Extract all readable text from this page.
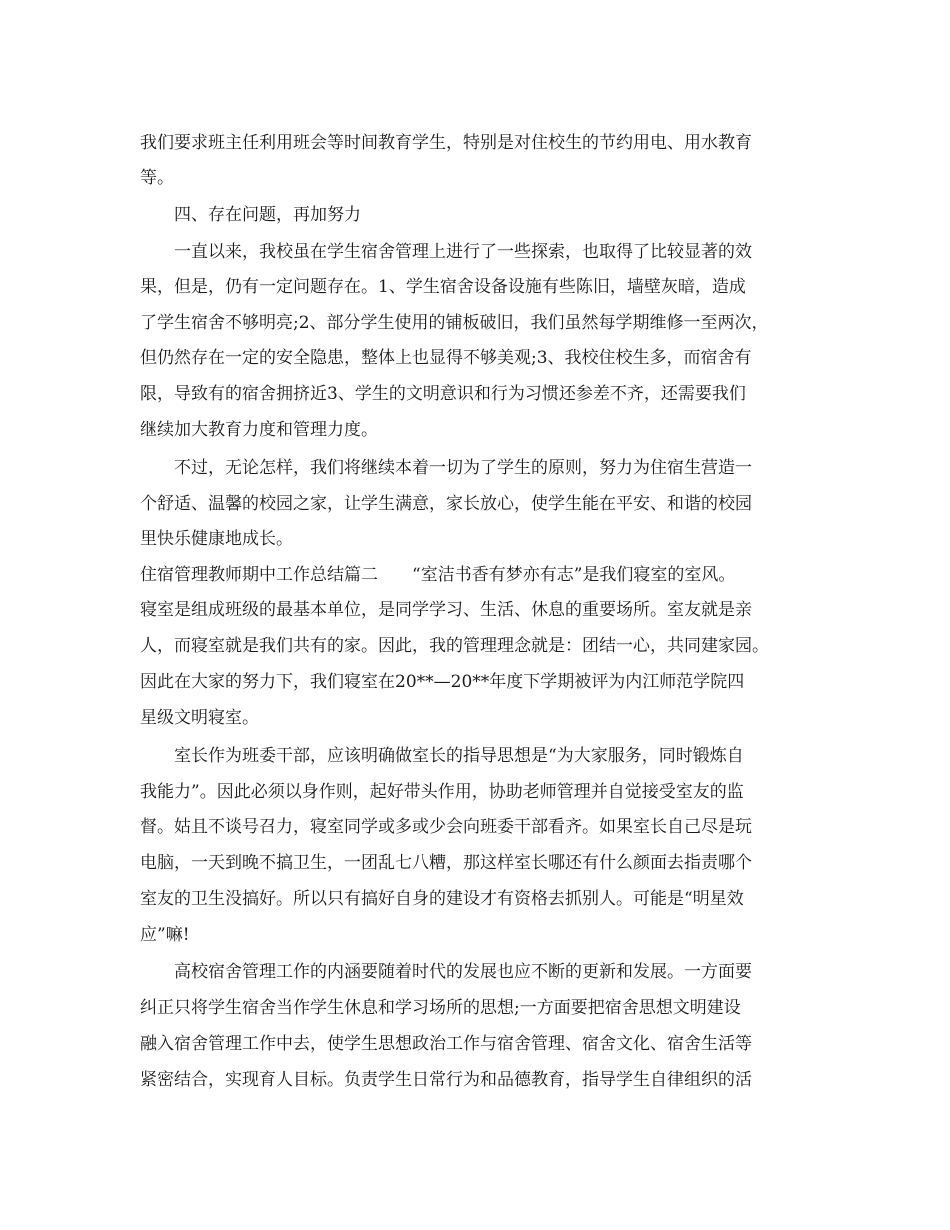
我们要求班主任利用班会等时间教育学生，特别是对住校生的节约用电、用水教育
等。
四、存在问题，再加努力
一直以来，我校虽在学生宿舍管理上进行了一些探索，也取得了比较显著的效
果，但是，仍有一定问题存在。1、学生宿舍设备设施有些陈旧，墙壁灰暗，造成
了学生宿舍不够明亮;2、部分学生使用的铺板破旧，我们虽然每学期维修一至两次，
但仍然存在一定的安全隐患，整体上也显得不够美观;3、我校住校生多，而宿舍有
限，导致有的宿舍拥挤近3、学生的文明意识和行为习惯还参差不齐，还需要我们
继续加大教育力度和管理力度。
不过，无论怎样，我们将继续本着一切为了学生的原则，努力为住宿生营造一
个舒适、温馨的校园之家，让学生满意，家长放心，使学生能在平安、和谐的校园
里快乐健康地成长。
住宿管理教师期中工作总结篇二　　“室洁书香有梦亦有志”是我们寝室的室风。
寝室是组成班级的最基本单位，是同学学习、生活、休息的重要场所。室友就是亲
人，而寝室就是我们共有的家。因此，我的管理理念就是：团结一心，共同建家园。
因此在大家的努力下，我们寝室在20**—20**年度下学期被评为内江师范学院四
星级文明寝室。
室长作为班委干部，应该明确做室长的指导思想是“为大家服务，同时锻炼自
我能力”。因此必须以身作则，起好带头作用，协助老师管理并自觉接受室友的监
督。姑且不谈号召力，寝室同学或多或少会向班委干部看齐。如果室长自己尽是玩
电脑，一天到晚不搞卫生，一团乱七八糟，那这样室长哪还有什么颜面去指责哪个
室友的卫生没搞好。所以只有搞好自身的建设才有资格去抓别人。可能是“明星效
应”嘛!
高校宿舍管理工作的内涵要随着时代的发展也应不断的更新和发展。一方面要
纠正只将学生宿舍当作学生休息和学习场所的思想;一方面要把宿舍思想文明建设
融入宿舍管理工作中去，使学生思想政治工作与宿舍管理、宿舍文化、宿舍生活等
紧密结合，实现育人目标。负责学生日常行为和品德教育，指导学生自律组织的活
